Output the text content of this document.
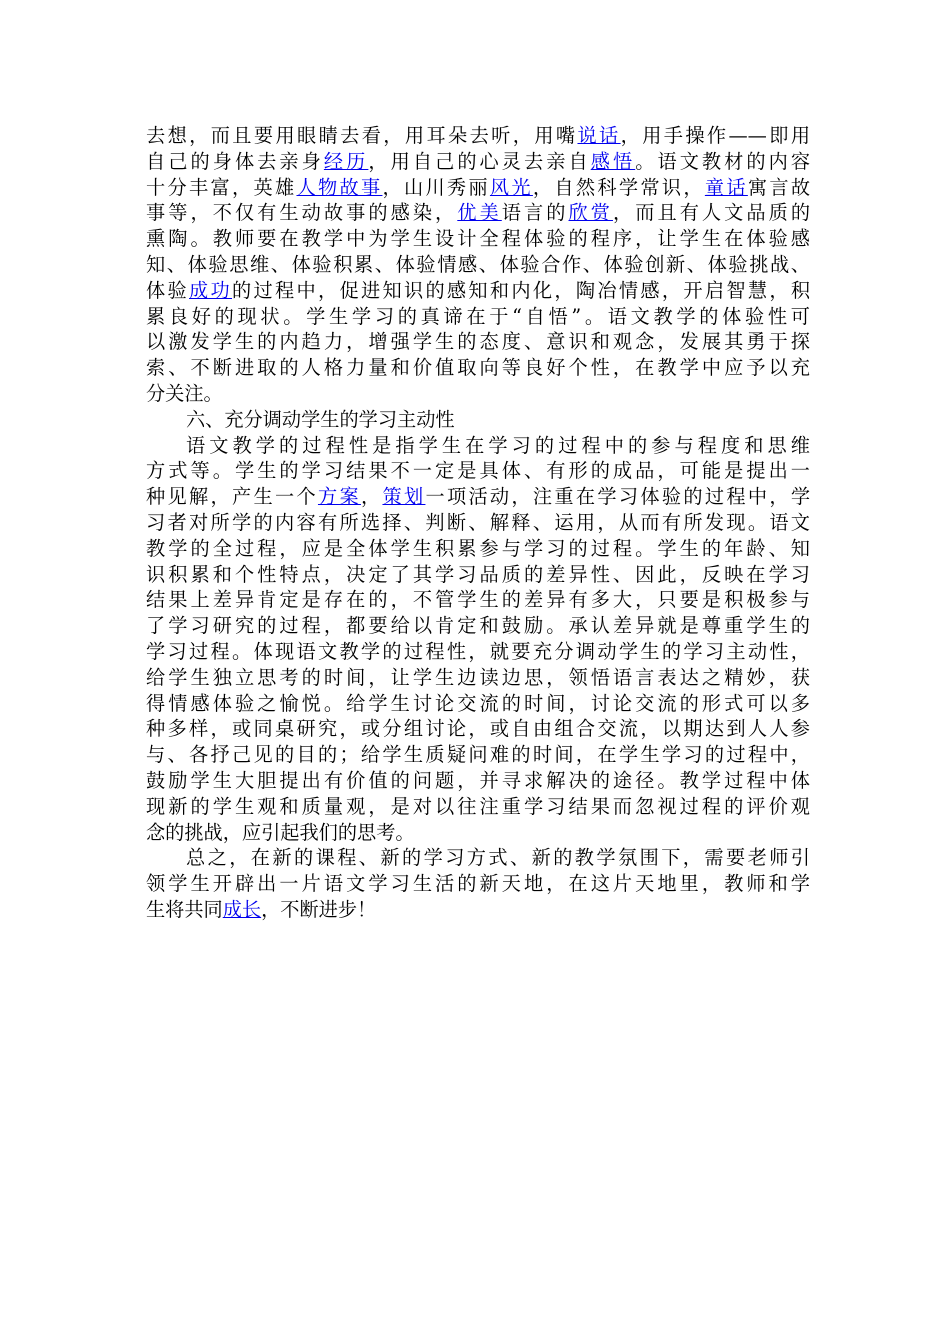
去想，而且要用眼睛去看，用耳朵去听，用嘴说话，用手操作——即用
自己的身体去亲身经历，用自己的心灵去亲自感悟。语文教材的内容
十分丰富，英雄人物故事，山川秀丽风光，自然科学常识，童话寓言故
事等，不仅有生动故事的感染，优美语言的欣赏，而且有人文品质的
熏陶。教师要在教学中为学生设计全程体验的程序，让学生在体验感
知、体验思维、体验积累、体验情感、体验合作、体验创新、体验挑战、
体验成功的过程中，促进知识的感知和内化，陶冶情感，开启智慧，积
累良好的现状。学生学习的真谛在于“自悟”。语文教学的体验性可
以激发学生的内趋力，增强学生的态度、意识和观念，发展其勇于探
索、不断进取的人格力量和价值取向等良好个性，在教学中应予以充
分关注。
六、充分调动学生的学习主动性
语文教学的过程性是指学生在学习的过程中的参与程度和思维
方式等。学生的学习结果不一定是具体、有形的成品，可能是提出一
种见解，产生一个方案，策划一项活动，注重在学习体验的过程中，学
习者对所学的内容有所选择、判断、解释、运用，从而有所发现。语文
教学的全过程，应是全体学生积累参与学习的过程。学生的年龄、知
识积累和个性特点，决定了其学习品质的差异性、因此，反映在学习
结果上差异肯定是存在的，不管学生的差异有多大，只要是积极参与
了学习研究的过程，都要给以肯定和鼓励。承认差异就是尊重学生的
学习过程。体现语文教学的过程性，就要充分调动学生的学习主动性，
给学生独立思考的时间，让学生边读边思，领悟语言表达之精妙，获
得情感体验之愉悦。给学生讨论交流的时间，讨论交流的形式可以多
种多样，或同桌研究，或分组讨论，或自由组合交流，以期达到人人参
与、各抒己见的目的；给学生质疑问难的时间，在学生学习的过程中，
鼓励学生大胆提出有价值的问题，并寻求解决的途径。教学过程中体
现新的学生观和质量观，是对以往注重学习结果而忽视过程的评价观
念的挑战，应引起我们的思考。
总之，在新的课程、新的学习方式、新的教学氛围下，需要老师引
领学生开辟出一片语文学习生活的新天地，在这片天地里，教师和学
生将共同成长，不断进步！
